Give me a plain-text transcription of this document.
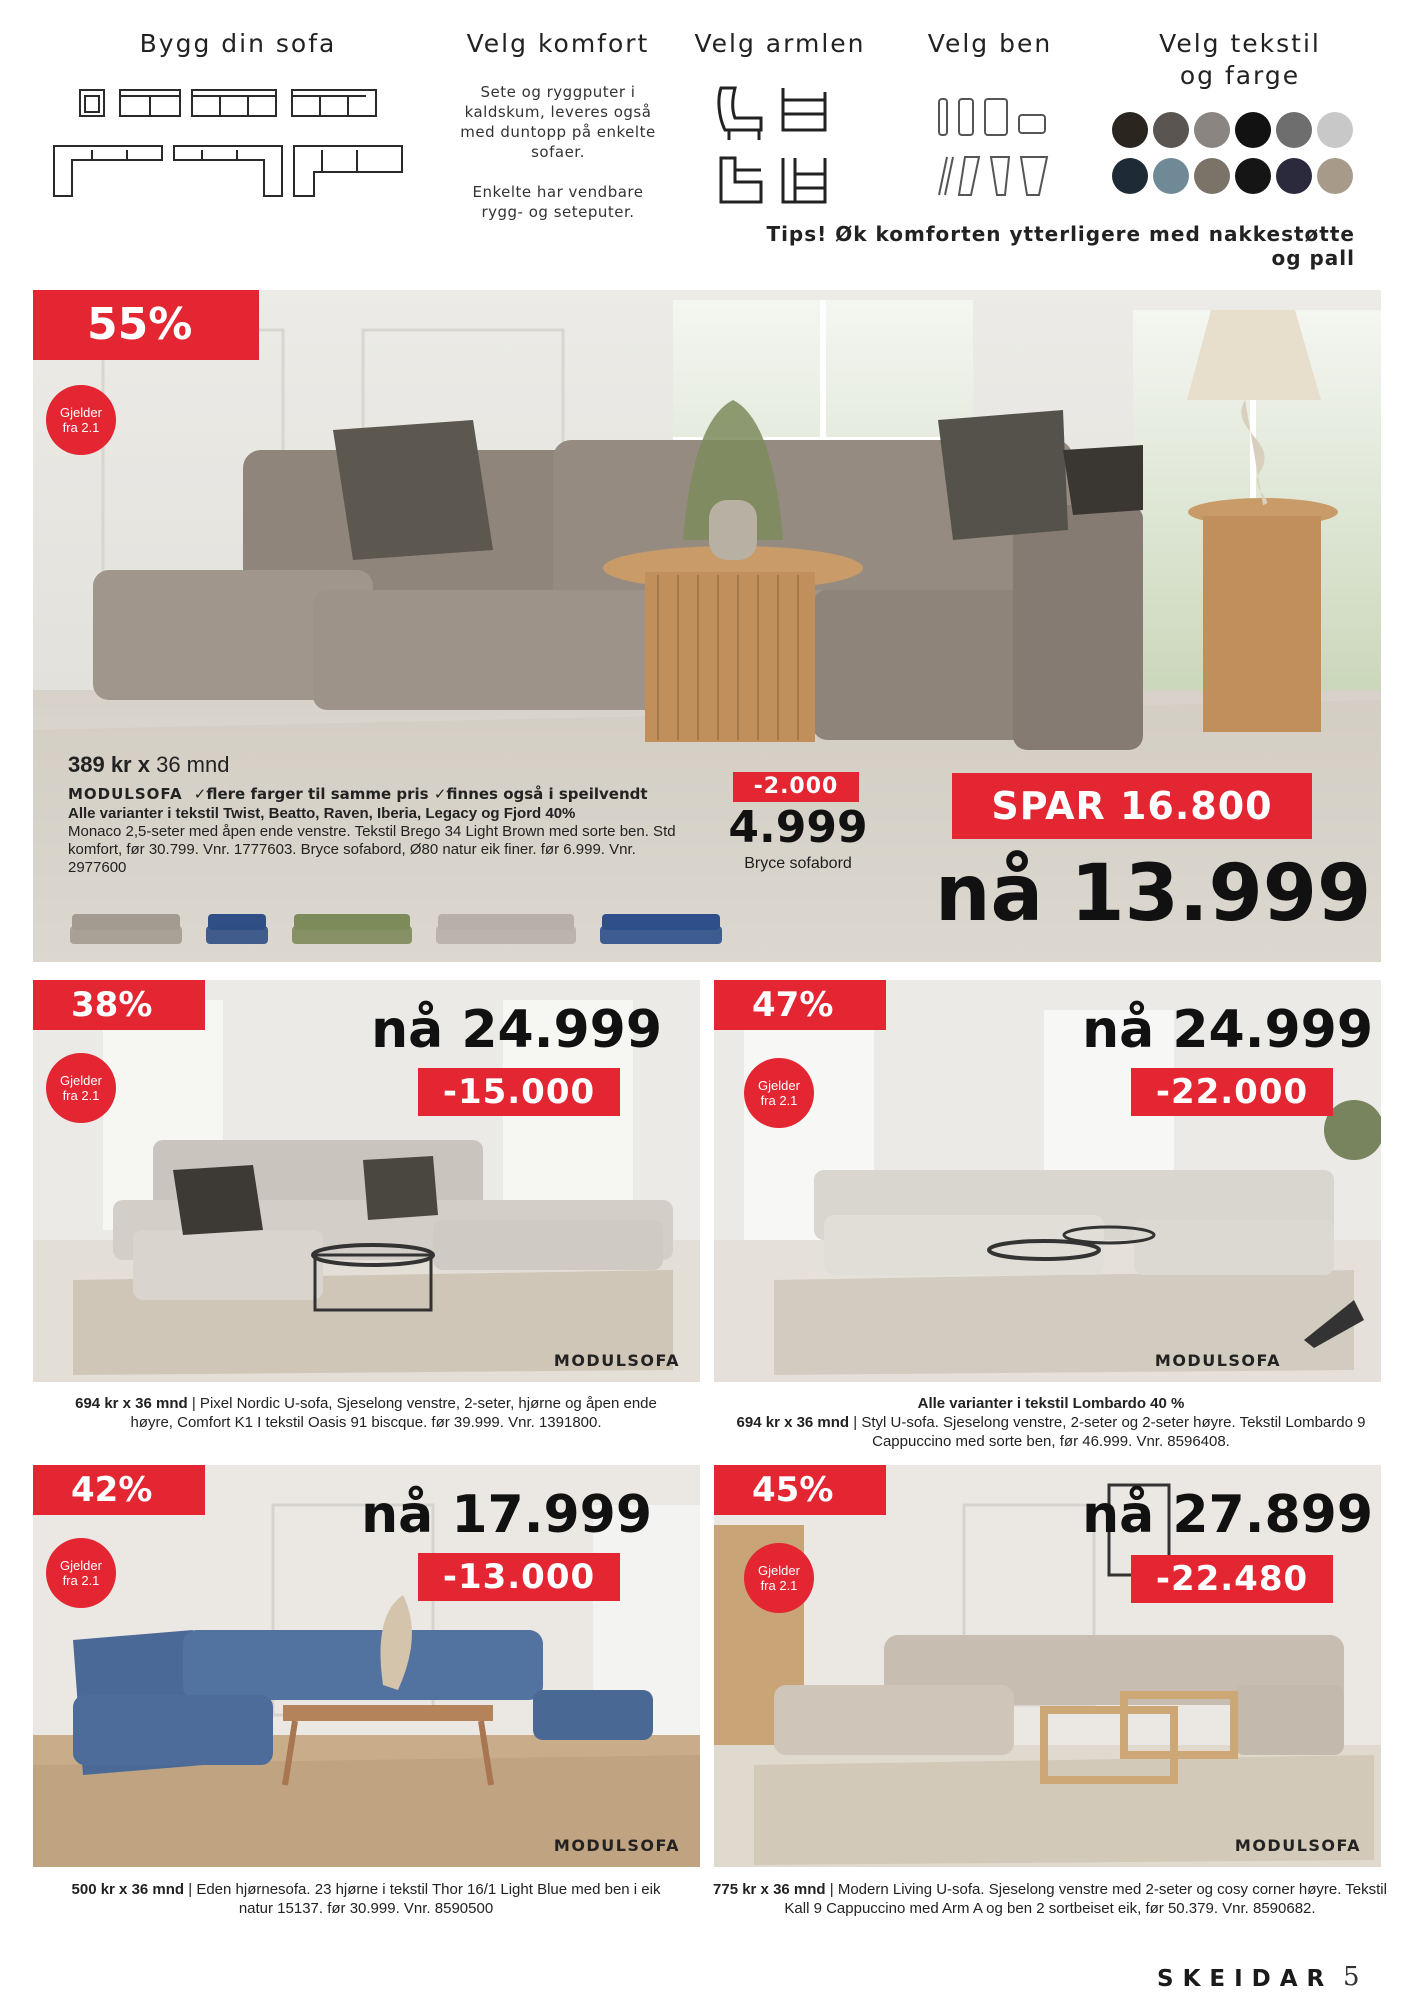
Bygg din sofa	Velg komfort
Sete og ryggputer i kaldskum, leveres også med duntopp på enkelte sofaer.
Enkelte har vendbare rygg- og seteputer.
Velg armlen	Velg ben	Velg tekstil
og farge
Tips! Øk komforten ytterligere med nakkestøtte og pall
55%
Gjelder
fra 2.1
389 kr x 36 mnd
MODULSOFA ✓flere farger til samme pris ✓finnes også i speilvendt
Alle varianter i tekstil Twist, Beatto, Raven, Iberia, Legacy og Fjord 40%
Monaco 2,5-seter med åpen ende venstre. Tekstil Brego 34 Light Brown med sorte ben. Std komfort, før 30.799. Vnr. 1777603. Bryce sofabord, Ø80 natur eik finer. før 6.999. Vnr. 2977600
-2.000
4.999
Bryce sofabord
SPAR 16.800
nå 13.999
38%
Gjelder
fra 2.1
nå 24.999
-15.000
MODULSOFA
694 kr x 36 mnd | Pixel Nordic U-sofa, Sjeselong venstre, 2-seter, hjørne og åpen ende høyre, Comfort K1 I tekstil Oasis 91 biscque. før 39.999. Vnr. 1391800.
47%
Gjelder
fra 2.1
nå 24.999
-22.000
MODULSOFA
Alle varianter i tekstil Lombardo 40 %
694 kr x 36 mnd | Styl U-sofa. Sjeselong venstre, 2-seter og 2-seter høyre. Tekstil Lombardo 9 Cappuccino med sorte ben, før 46.999. Vnr. 8596408.
42%
Gjelder
fra 2.1
nå 17.999
-13.000
MODULSOFA
500 kr x 36 mnd | Eden hjørnesofa. 23 hjørne i tekstil Thor 16/1 Light Blue med ben i eik natur 15137. før 30.999. Vnr. 8590500
45%
Gjelder
fra 2.1
nå 27.899
-22.480
MODULSOFA
775 kr x 36 mnd | Modern Living U-sofa. Sjeselong venstre med 2-seter og cosy corner høyre. Tekstil Kall 9 Cappuccino med Arm A og ben 2 sortbeiset eik, før 50.379. Vnr. 8590682.
SKEIDAR 5
